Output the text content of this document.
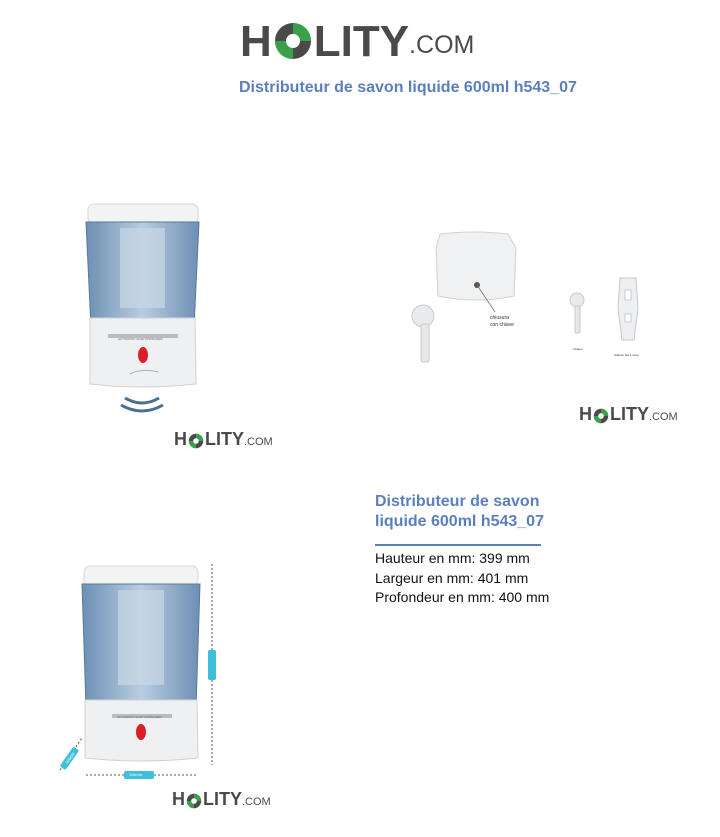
H LITY .COM
Distributeur de savon liquide 600ml h543_07
AUTOMATIC SOAP DISPENSER
H LITY .COM
chiusura
con chiave
Chiave
Attacco per il muro
H LITY .COM
AUTOMATIC SOAP DISPENSER
110mm
180mm
100mm
H LITY .COM
Distributeur de savon
liquide 600ml h543_07
Hauteur en mm: 399 mm
Largeur en mm: 401 mm
Profondeur en mm: 400 mm
